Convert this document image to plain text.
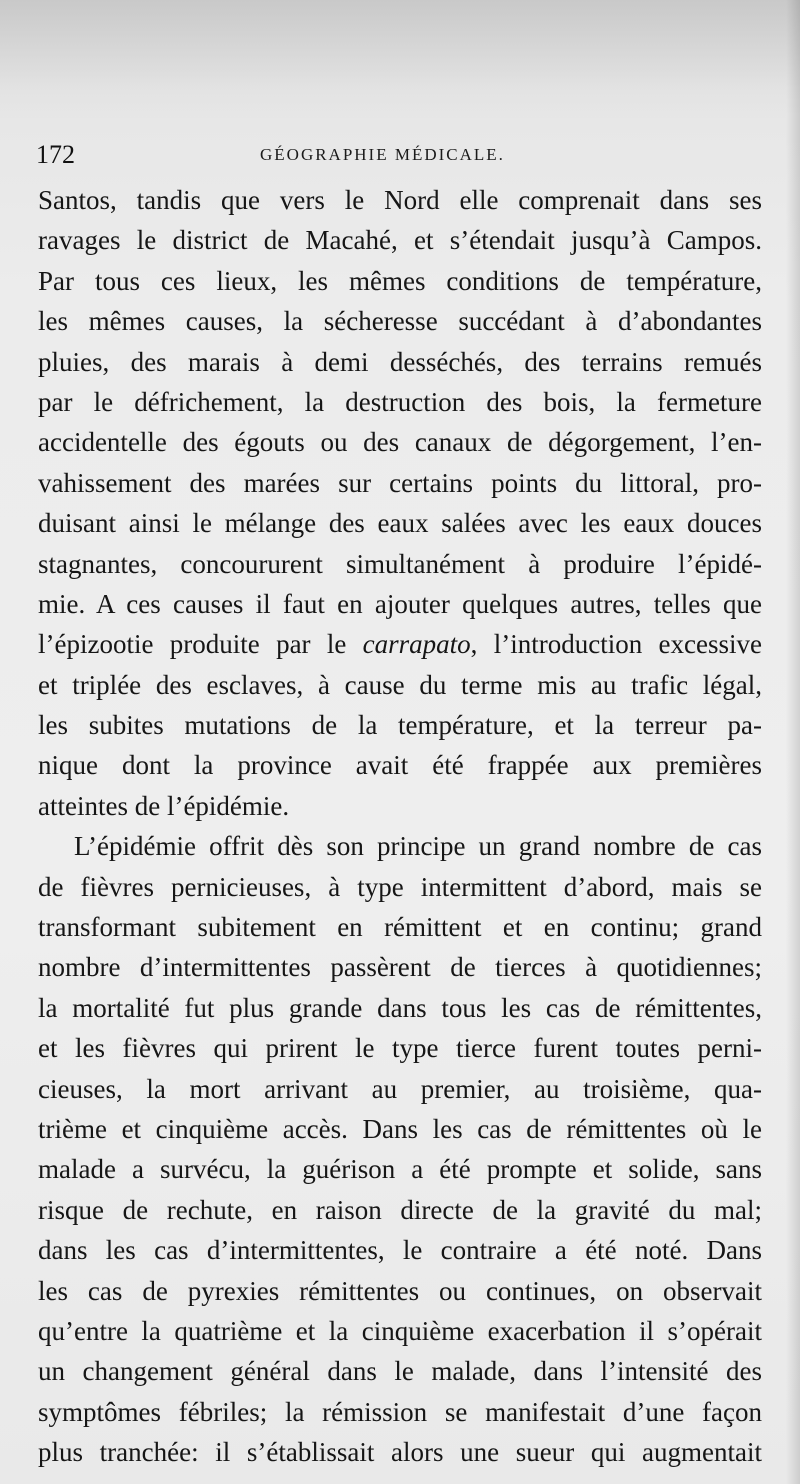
172	GÉOGRAPHIE MÉDICALE.
Santos, tandis que vers le Nord elle comprenait dans ses
ravages le district de Macahé, et s’étendait jusqu’à Campos.
Par tous ces lieux, les mêmes conditions de température,
les mêmes causes, la sécheresse succédant à d’abondantes
pluies, des marais à demi desséchés, des terrains remués
par le défrichement, la destruction des bois, la fermeture
accidentelle des égouts ou des canaux de dégorgement, l’en-
vahissement des marées sur certains points du littoral, pro-
duisant ainsi le mélange des eaux salées avec les eaux douces
stagnantes, concoururent simultanément à produire l’épidé-
mie. A ces causes il faut en ajouter quelques autres, telles que
l’épizootie produite par le carrapato, l’introduction excessive
et triplée des esclaves, à cause du terme mis au trafic légal,
les subites mutations de la température, et la terreur pa-
nique dont la province avait été frappée aux premières
atteintes de l’épidémie.
L’épidémie offrit dès son principe un grand nombre de cas
de fièvres pernicieuses, à type intermittent d’abord, mais se
transformant subitement en rémittent et en continu; grand
nombre d’intermittentes passèrent de tierces à quotidiennes;
la mortalité fut plus grande dans tous les cas de rémittentes,
et les fièvres qui prirent le type tierce furent toutes perni-
cieuses, la mort arrivant au premier, au troisième, qua-
trième et cinquième accès. Dans les cas de rémittentes où le
malade a survécu, la guérison a été prompte et solide, sans
risque de rechute, en raison directe de la gravité du mal;
dans les cas d’intermittentes, le contraire a été noté. Dans
les cas de pyrexies rémittentes ou continues, on observait
qu’entre la quatrième et la cinquième exacerbation il s’opérait
un changement général dans le malade, dans l’intensité des
symptômes fébriles; la rémission se manifestait d’une façon
plus tranchée: il s’établissait alors une sueur qui augmentait
